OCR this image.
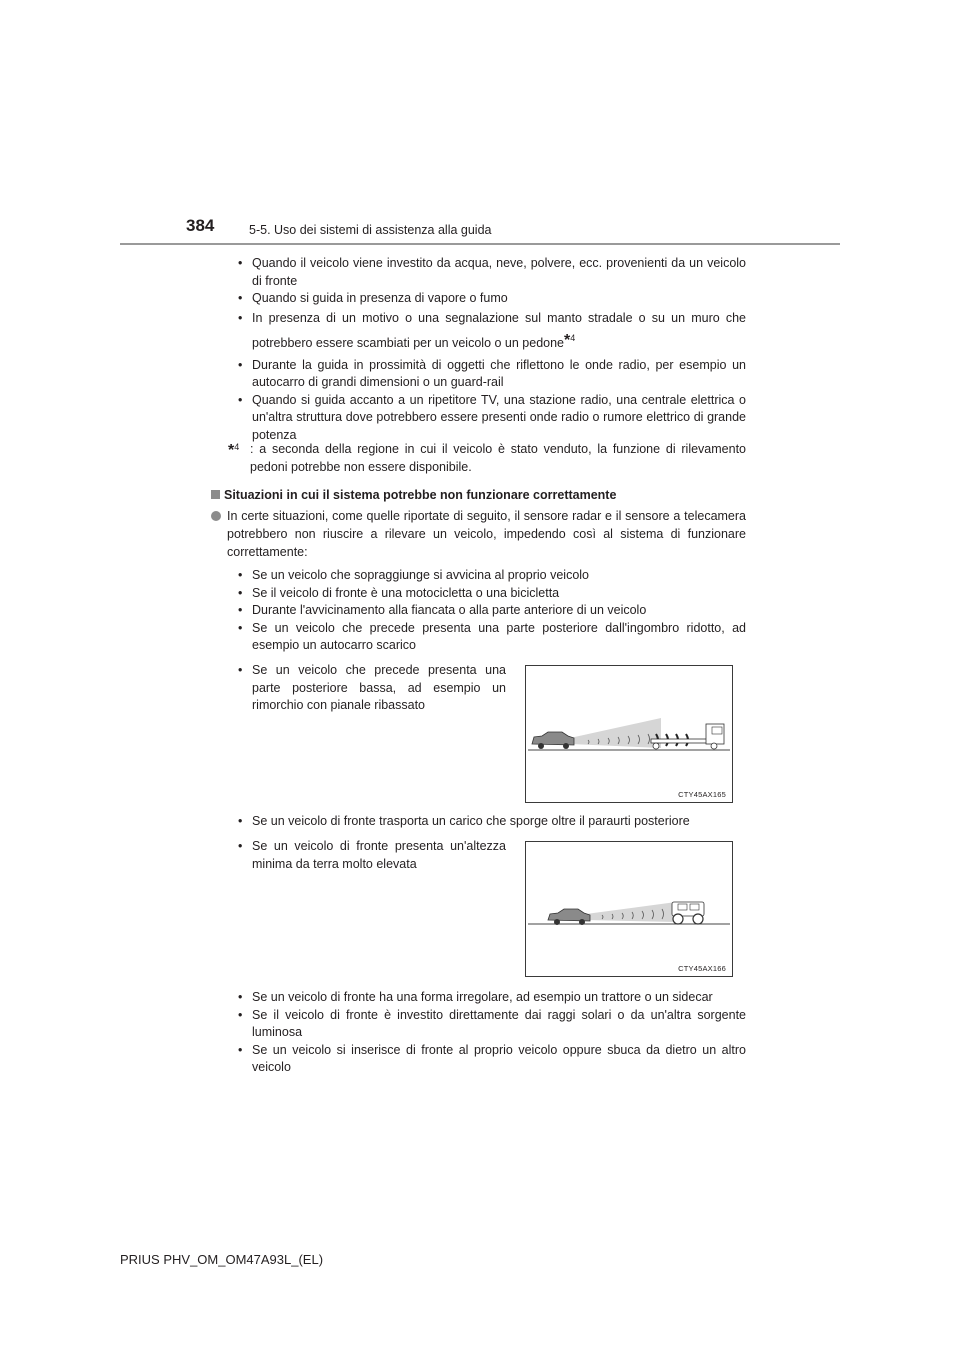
384	5-5. Uso dei sistemi di assistenza alla guida
• Quando il veicolo viene investito da acqua, neve, polvere, ecc. provenienti da un veicolo di fronte
• Quando si guida in presenza di vapore o fumo
• In presenza di un motivo o una segnalazione sul manto stradale o su un muro che potrebbero essere scambiati per un veicolo o un pedone*$^4$
• Durante la guida in prossimità di oggetti che riflettono le onde radio, per esempio un autocarro di grandi dimensioni o un guard-rail
• Quando si guida accanto a un ripetitore TV, una stazione radio, una centrale elettrica o un'altra struttura dove potrebbero essere presenti onde radio o rumore elettrico di grande potenza
*$^4$ : a seconda della regione in cui il veicolo è stato venduto, la funzione di rilevamento pedoni potrebbe non essere disponibile.
Situazioni in cui il sistema potrebbe non funzionare correttamente
In certe situazioni, come quelle riportate di seguito, il sensore radar e il sensore a telecamera potrebbero non riuscire a rilevare un veicolo, impedendo così al sistema di funzionare correttamente:
• Se un veicolo che sopraggiunge si avvicina al proprio veicolo
• Se il veicolo di fronte è una motocicletta o una bicicletta
• Durante l'avvicinamento alla fiancata o alla parte anteriore di un veicolo
• Se un veicolo che precede presenta una parte posteriore dall'ingombro ridotto, ad esempio un autocarro scarico
• Se un veicolo che precede presenta una parte posteriore bassa, ad esempio un rimorchio con pianale ribassato
CTY45AX165
• Se un veicolo di fronte trasporta un carico che sporge oltre il paraurti posteriore
• Se un veicolo di fronte presenta un'altezza minima da terra molto elevata
CTY45AX166
• Se un veicolo di fronte ha una forma irregolare, ad esempio un trattore o un sidecar
• Se il veicolo di fronte è investito direttamente dai raggi solari o da un'altra sorgente luminosa
• Se un veicolo si inserisce di fronte al proprio veicolo oppure sbuca da dietro un altro veicolo
PRIUS PHV_OM_OM47A93L_(EL)
